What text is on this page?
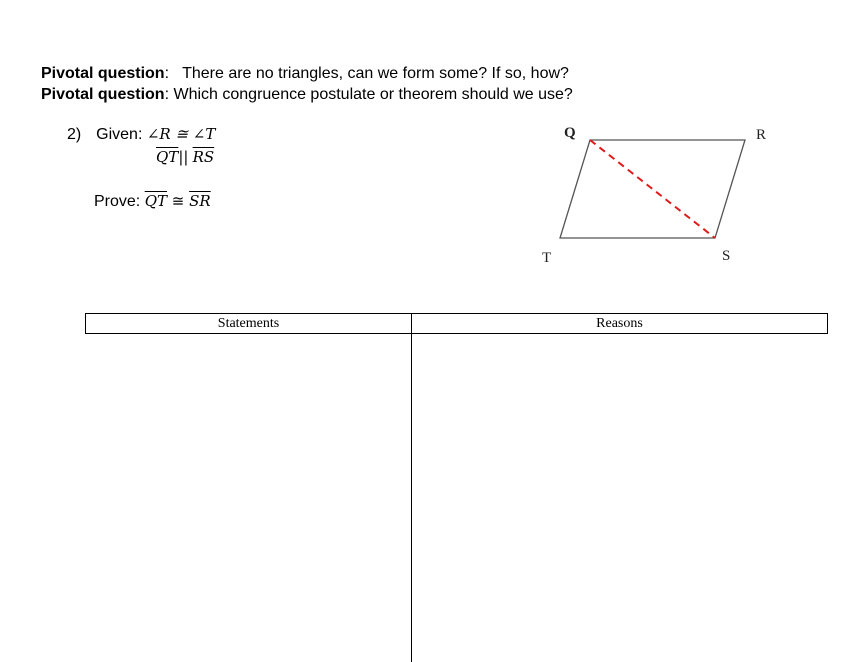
Pivotal question:   There are no triangles, can we form some? If so, how?
Pivotal question: Which congruence postulate or theorem should we use?
2) Given: ∠R ≅ ∠T
$\overline{QT}||$ $\overline{RS}$
Prove: $\overline{QT}$ ≅ $\overline{SR}$
Q	R
T	S
Statements	Reasons
